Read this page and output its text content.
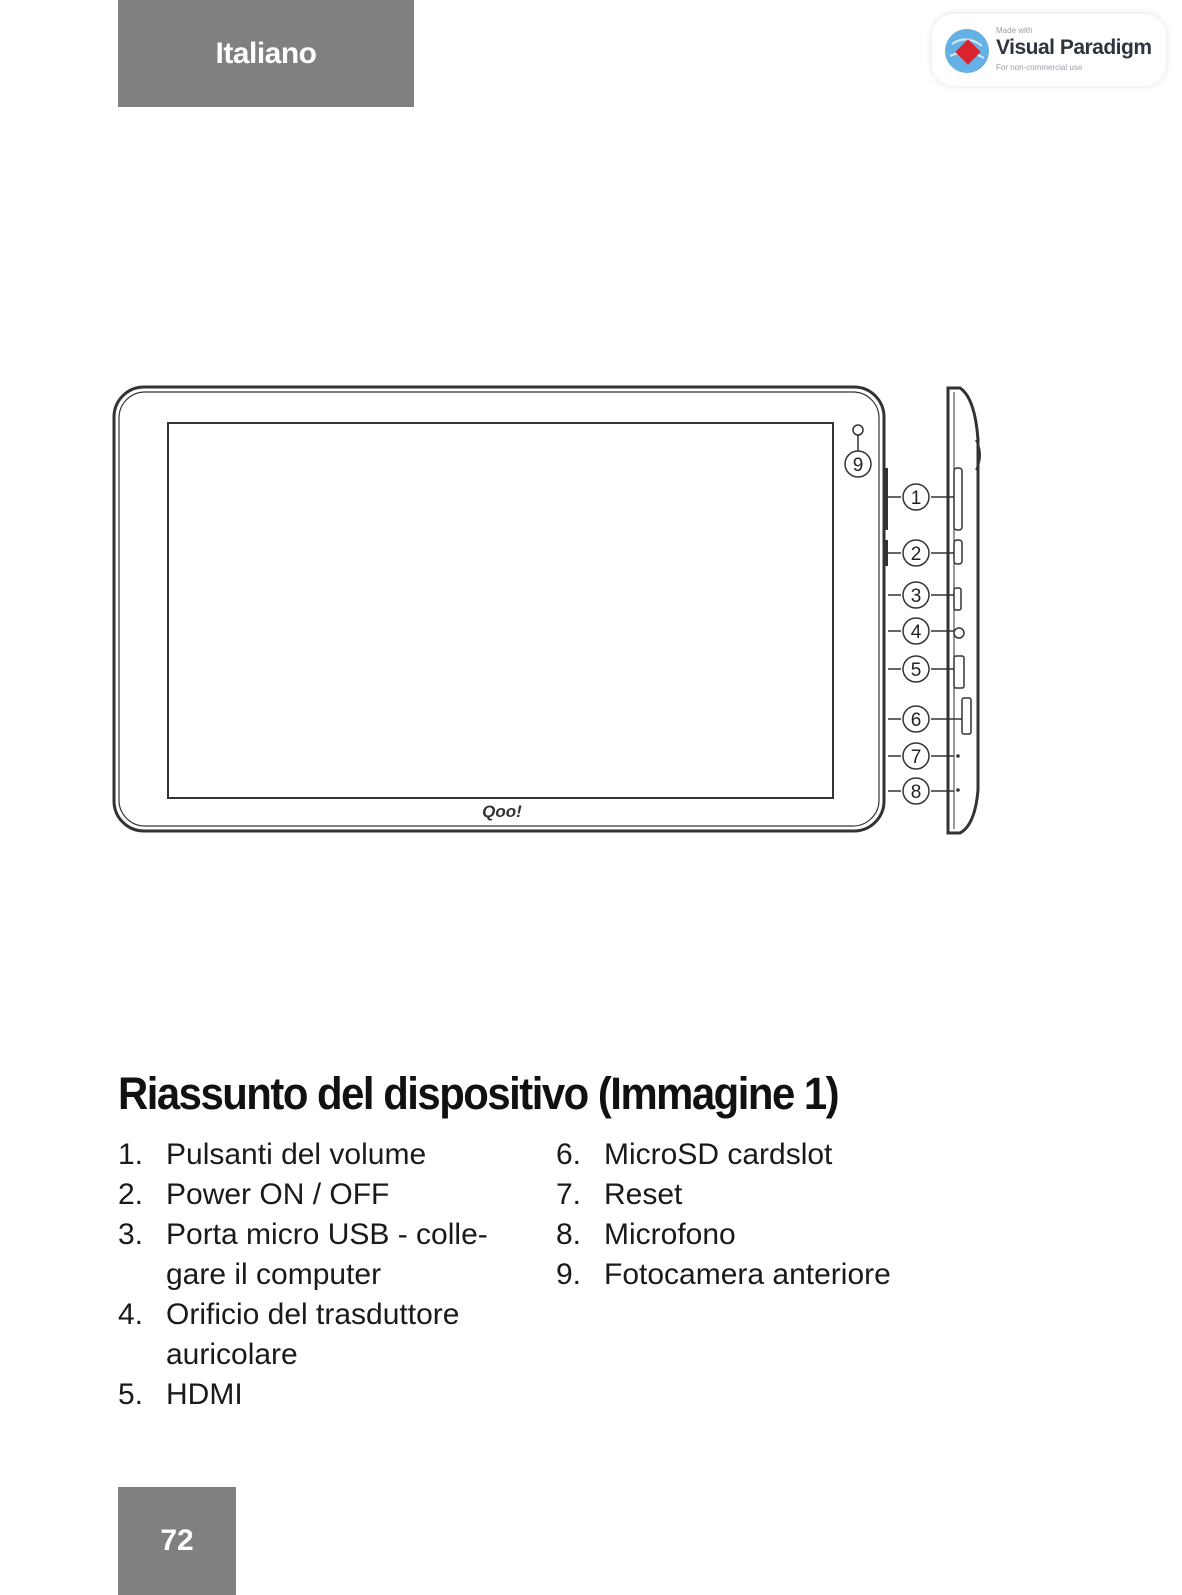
Italiano
Made with
Visual Paradigm
For non-commercial use
1
2
3
4
5
6
7
8
9
Qoo!
Riassunto del dispositivo (Immagine 1)
1. Pulsanti del volume
2. Power ON / OFF
3. Porta micro USB - colle-
gare il computer
4. Orificio del trasduttore
auricolare
5. HDMI
6. MicroSD cardslot
7. Reset
8. Microfono
9. Fotocamera anteriore
72
